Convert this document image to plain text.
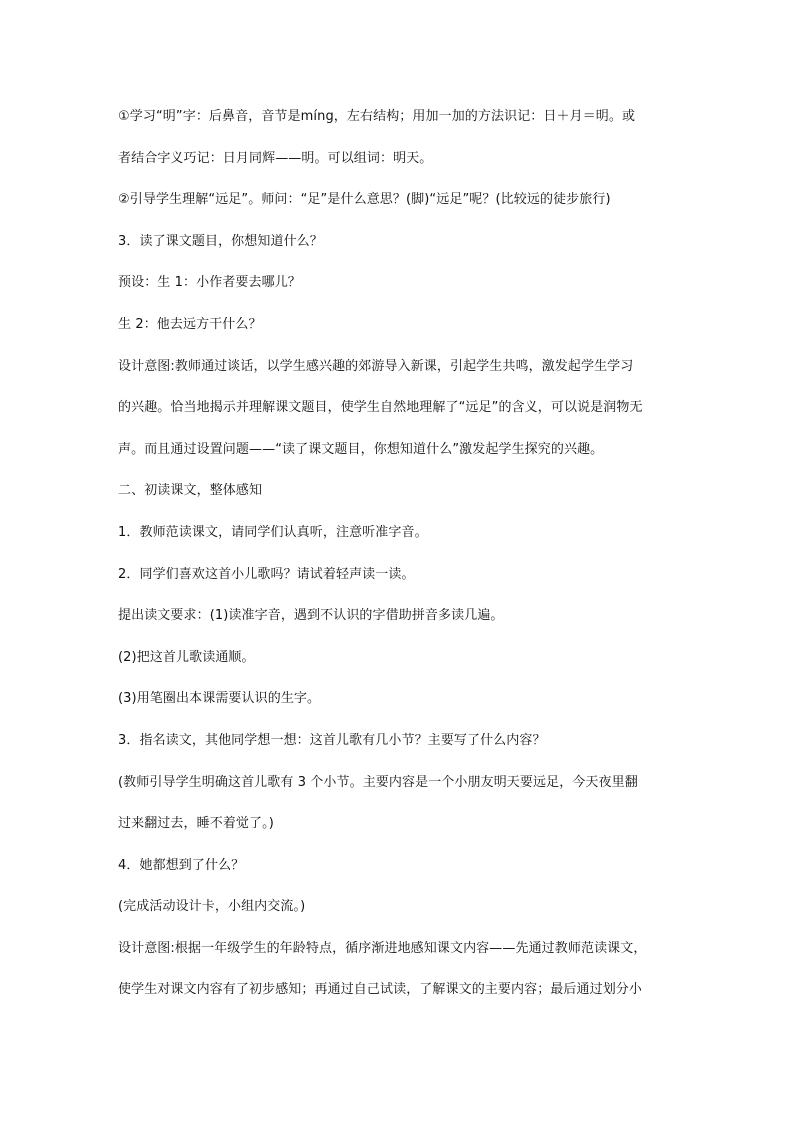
①学习“明”字：后鼻音，音节是míng，左右结构；用加一加的方法识记：日＋月＝明。或
者结合字义巧记：日月同辉——明。可以组词：明天。
②引导学生理解“远足”。师问：“足”是什么意思？(脚)“远足”呢？(比较远的徒步旅行)
3．读了课文题目，你想知道什么？
预设：生 1：小作者要去哪儿？
生 2：他去远方干什么？
设计意图:教师通过谈话，以学生感兴趣的郊游导入新课，引起学生共鸣，激发起学生学习
的兴趣。恰当地揭示并理解课文题目，使学生自然地理解了“远足”的含义，可以说是润物无
声。而且通过设置问题——“读了课文题目，你想知道什么”激发起学生探究的兴趣。
二、初读课文，整体感知
1．教师范读课文，请同学们认真听，注意听准字音。
2．同学们喜欢这首小儿歌吗？请试着轻声读一读。
提出读文要求：(1)读准字音，遇到不认识的字借助拼音多读几遍。
(2)把这首儿歌读通顺。
(3)用笔圈出本课需要认识的生字。
3．指名读文，其他同学想一想：这首儿歌有几小节？主要写了什么内容？
(教师引导学生明确这首儿歌有 3 个小节。主要内容是一个小朋友明天要远足，今天夜里翻
过来翻过去，睡不着觉了。)
4．她都想到了什么？
(完成活动设计卡，小组内交流。)
设计意图:根据一年级学生的年龄特点，循序渐进地感知课文内容——先通过教师范读课文，
使学生对课文内容有了初步感知；再通过自己试读，了解课文的主要内容；最后通过划分小
